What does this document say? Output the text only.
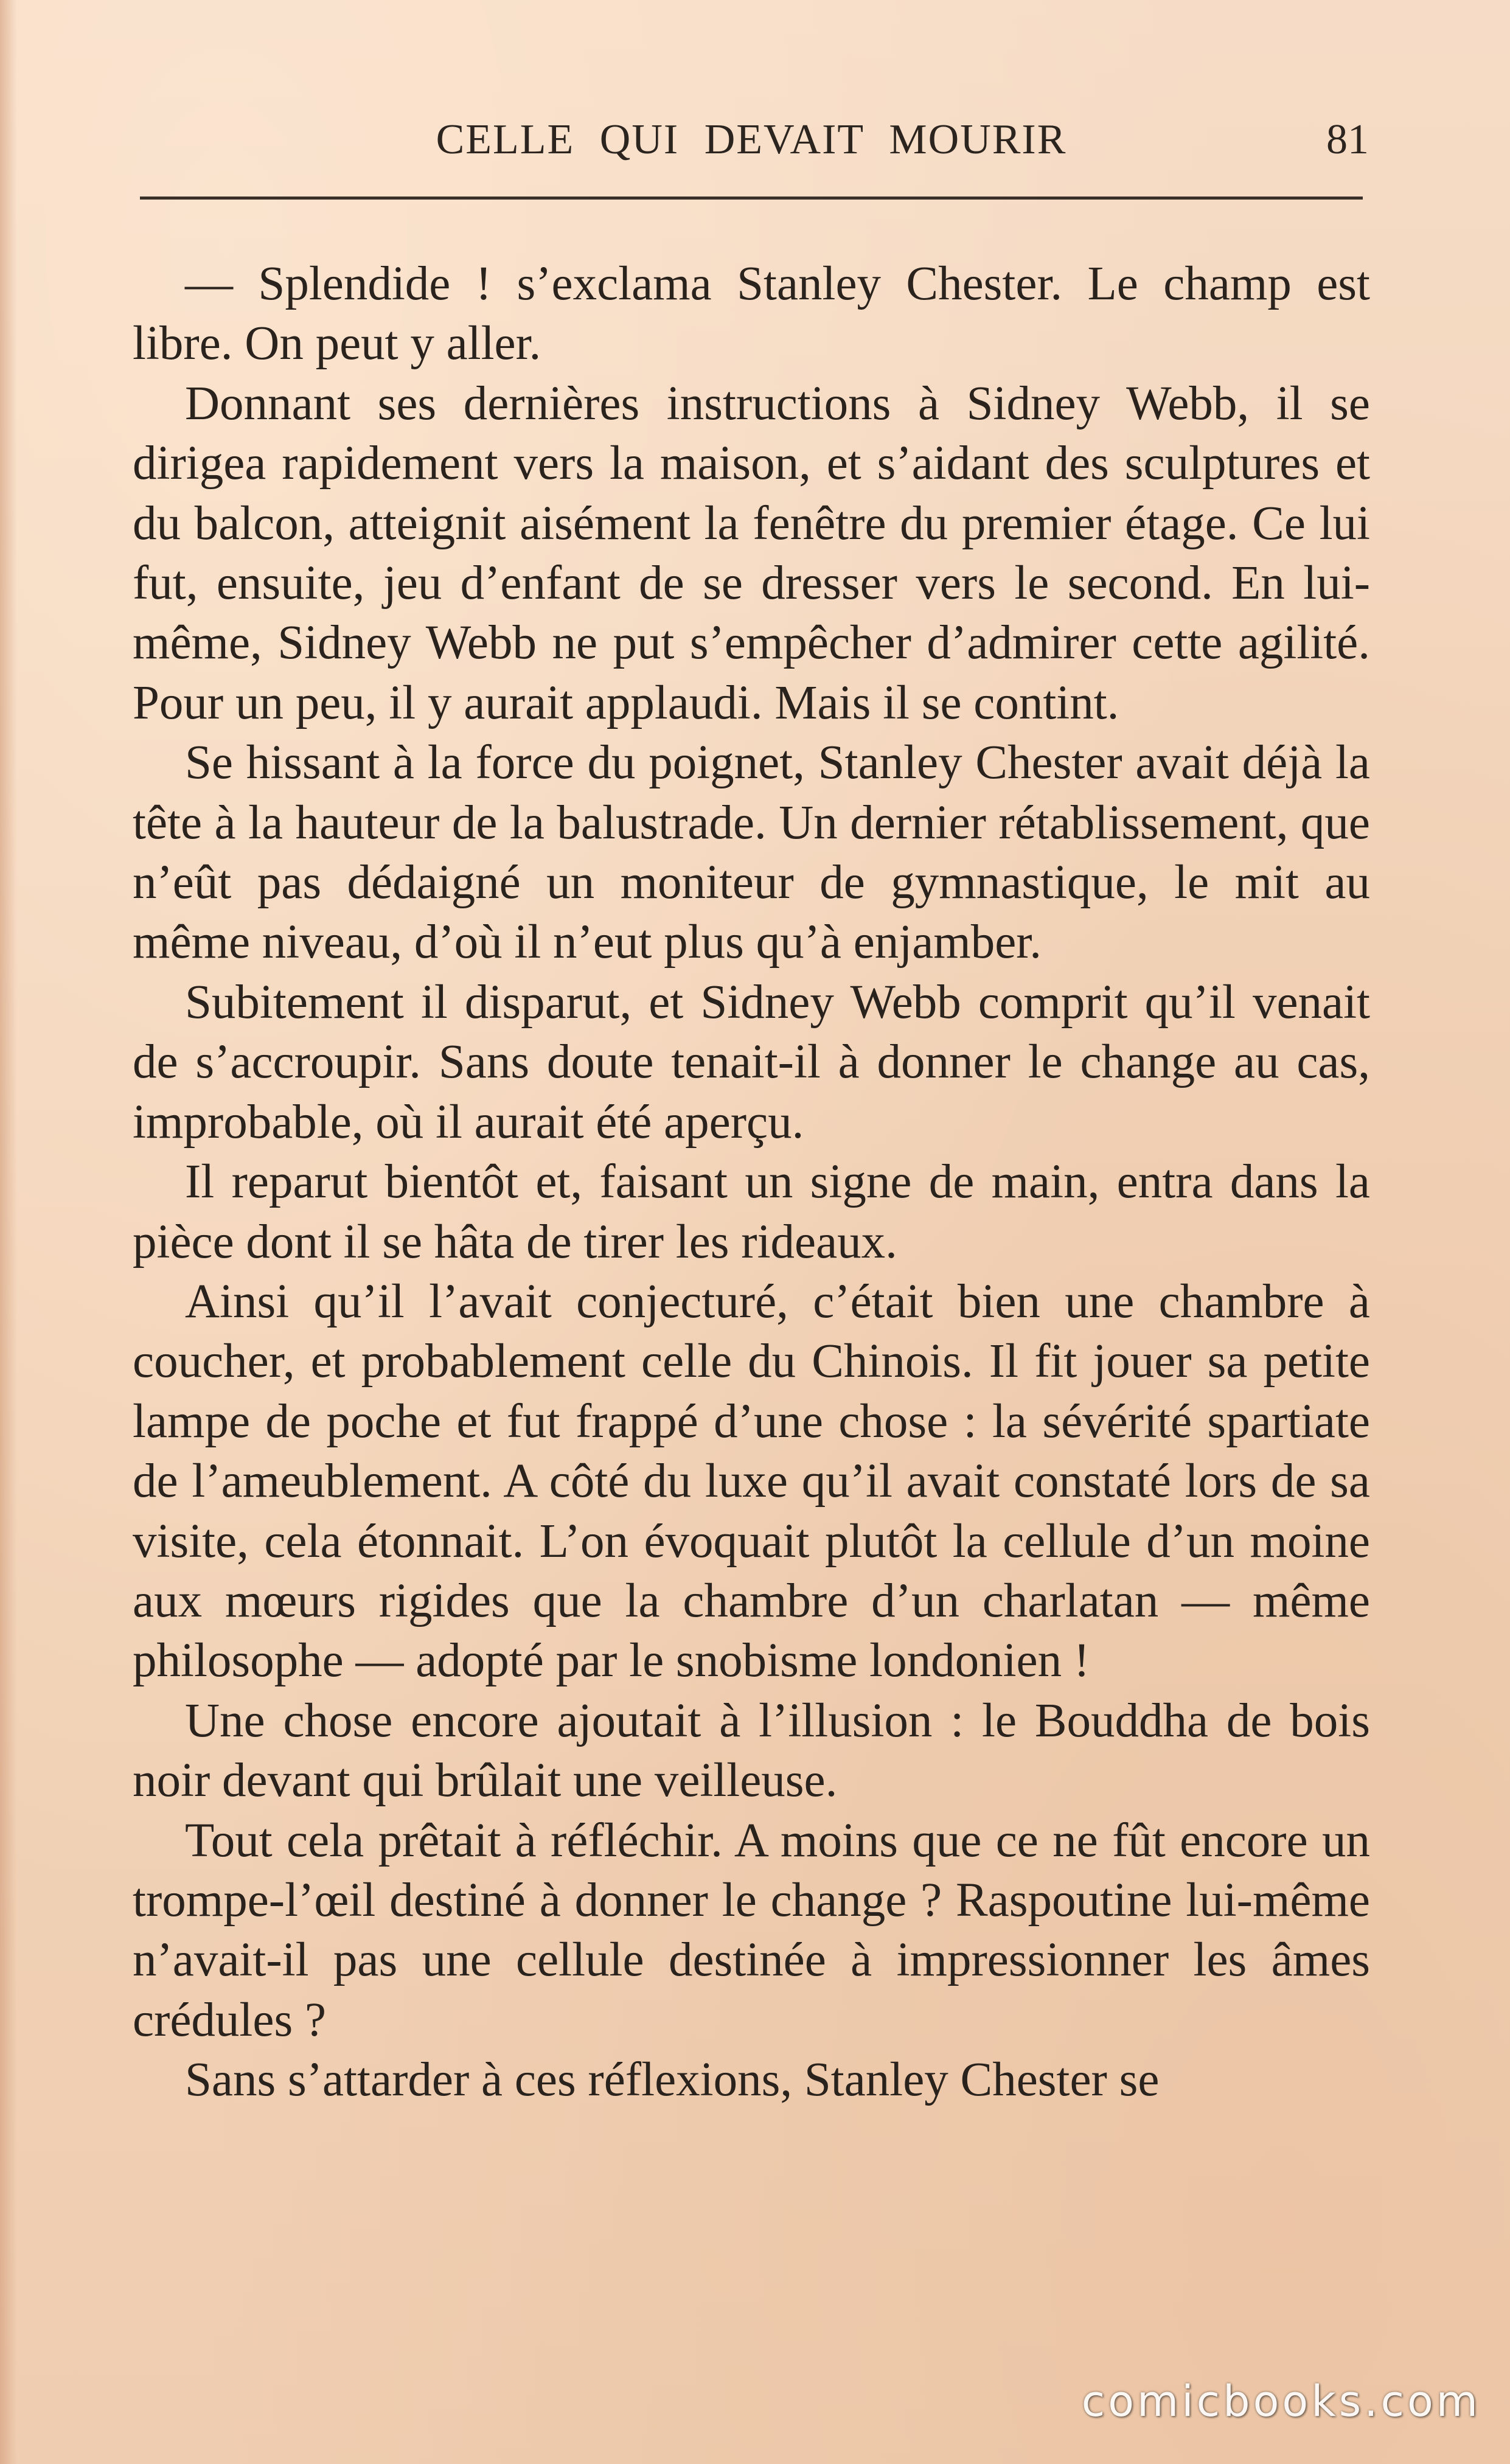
CELLE QUI DEVAIT MOURIR	81

— Splendide ! s’exclama Stanley Chester. Le champ est libre. On peut y aller.

Donnant ses dernières instructions à Sidney Webb, il se dirigea rapidement vers la maison, et s’aidant des sculptures et du balcon, atteignit aisément la fenêtre du premier étage. Ce lui fut, ensuite, jeu d’enfant de se dresser vers le second. En lui-même, Sidney Webb ne put s’empêcher d’admirer cette agilité. Pour un peu, il y aurait applaudi. Mais il se contint.

Se hissant à la force du poignet, Stanley Chester avait déjà la tête à la hauteur de la balustrade. Un dernier rétablissement, que n’eût pas dédaigné un moniteur de gymnastique, le mit au même niveau, d’où il n’eut plus qu’à enjamber.

Subitement il disparut, et Sidney Webb comprit qu’il venait de s’accroupir. Sans doute tenait-il à donner le change au cas, improbable, où il aurait été aperçu.

Il reparut bientôt et, faisant un signe de main, entra dans la pièce dont il se hâta de tirer les rideaux.

Ainsi qu’il l’avait conjecturé, c’était bien une chambre à coucher, et probablement celle du Chinois. Il fit jouer sa petite lampe de poche et fut frappé d’une chose : la sévérité spartiate de l’ameublement. A côté du luxe qu’il avait constaté lors de sa visite, cela étonnait. L’on évoquait plutôt la cellule d’un moine aux mœurs rigides que la chambre d’un charlatan — même philosophe — adopté par le snobisme londonien !

Une chose encore ajoutait à l’illusion : le Bouddha de bois noir devant qui brûlait une veilleuse.

Tout cela prêtait à réfléchir. A moins que ce ne fût encore un trompe-l’œil destiné à donner le change ? Raspoutine lui-même n’avait-il pas une cellule destinée à impressionner les âmes crédules ?

Sans s’attarder à ces réflexions, Stanley Chester se

comicbooks.com
